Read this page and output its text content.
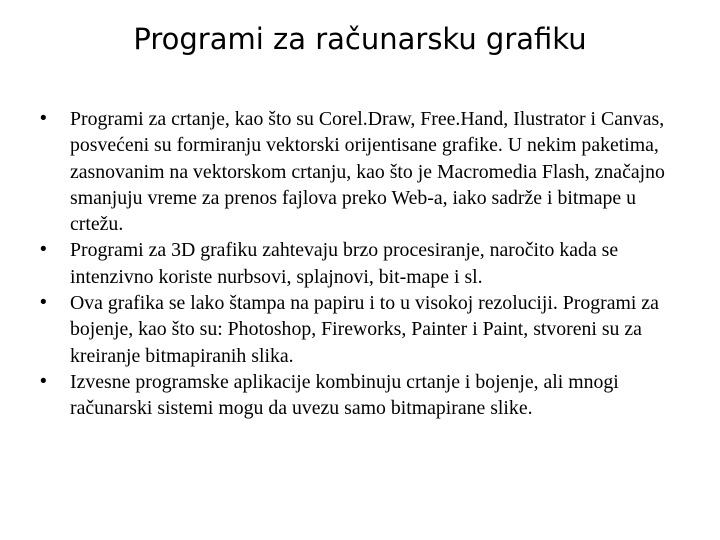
Programi za računarsku grafiku
• Programi za crtanje, kao što su Corel.Draw, Free.Hand, Ilustrator i Canvas, posvećeni su formiranju vektorski orijentisane grafike. U nekim paketima, zasnovanim na vektorskom crtanju, kao što je Macromedia Flash, značajno smanjuju vreme za prenos fajlova preko Web-a, iako sadrže i bitmape u crtežu.
• Programi za 3D grafiku zahtevaju brzo procesiranje, naročito kada se intenzivno koriste nurbsovi, splajnovi, bit-mape i sl.
• Ova grafika se lako štampa na papiru i to u visokoj rezoluciji. Programi za bojenje, kao što su: Photoshop, Fireworks, Painter i Paint, stvoreni su za kreiranje bitmapiranih slika.
• Izvesne programske aplikacije kombinuju crtanje i bojenje, ali mnogi računarski sistemi mogu da uvezu samo bitmapirane slike.
